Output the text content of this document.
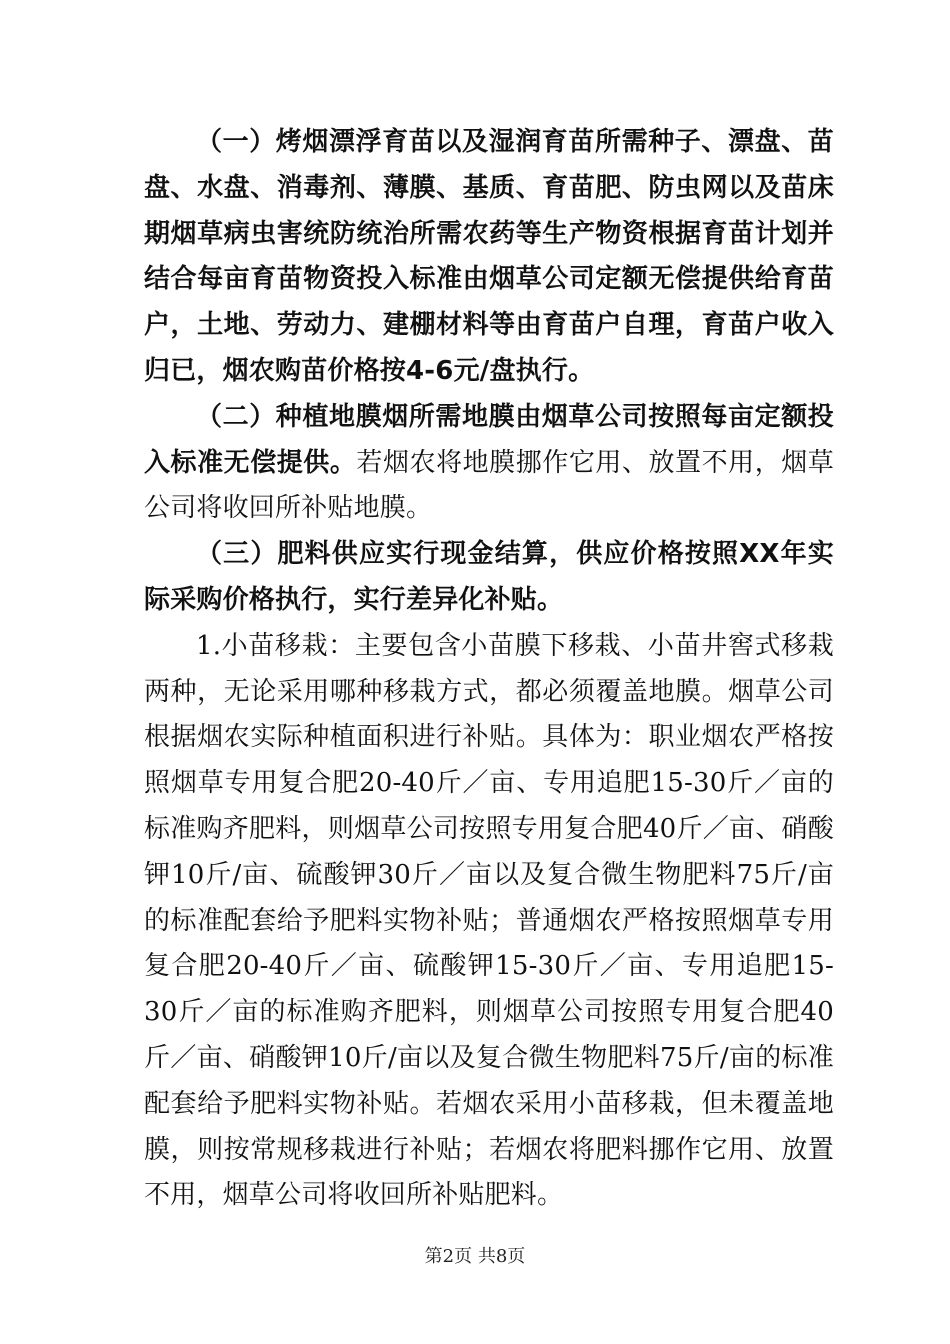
（一）烤烟漂浮育苗以及湿润育苗所需种子、漂盘、苗盘、水盘、消毒剂、薄膜、基质、育苗肥、防虫网以及苗床期烟草病虫害统防统治所需农药等生产物资根据育苗计划并结合每亩育苗物资投入标准由烟草公司定额无偿提供给育苗户，土地、劳动力、建棚材料等由育苗户自理，育苗户收入归已，烟农购苗价格按4-6元/盘执行。

（二）种植地膜烟所需地膜由烟草公司按照每亩定额投入标准无偿提供。若烟农将地膜挪作它用、放置不用，烟草公司将收回所补贴地膜。

（三）肥料供应实行现金结算，供应价格按照XX年实际采购价格执行，实行差异化补贴。

1.小苗移栽：主要包含小苗膜下移栽、小苗井窖式移栽两种，无论采用哪种移栽方式，都必须覆盖地膜。烟草公司根据烟农实际种植面积进行补贴。具体为：职业烟农严格按照烟草专用复合肥20-40斤／亩、专用追肥15-30斤／亩的标准购齐肥料，则烟草公司按照专用复合肥40斤／亩、硝酸钾10斤/亩、硫酸钾30斤／亩以及复合微生物肥料75斤/亩的标准配套给予肥料实物补贴；普通烟农严格按照烟草专用复合肥20-40斤／亩、硫酸钾15-30斤／亩、专用追肥15-30斤／亩的标准购齐肥料，则烟草公司按照专用复合肥40斤／亩、硝酸钾10斤/亩以及复合微生物肥料75斤/亩的标准配套给予肥料实物补贴。若烟农采用小苗移栽，但未覆盖地膜，则按常规移栽进行补贴；若烟农将肥料挪作它用、放置不用，烟草公司将收回所补贴肥料。

第2页 共8页
